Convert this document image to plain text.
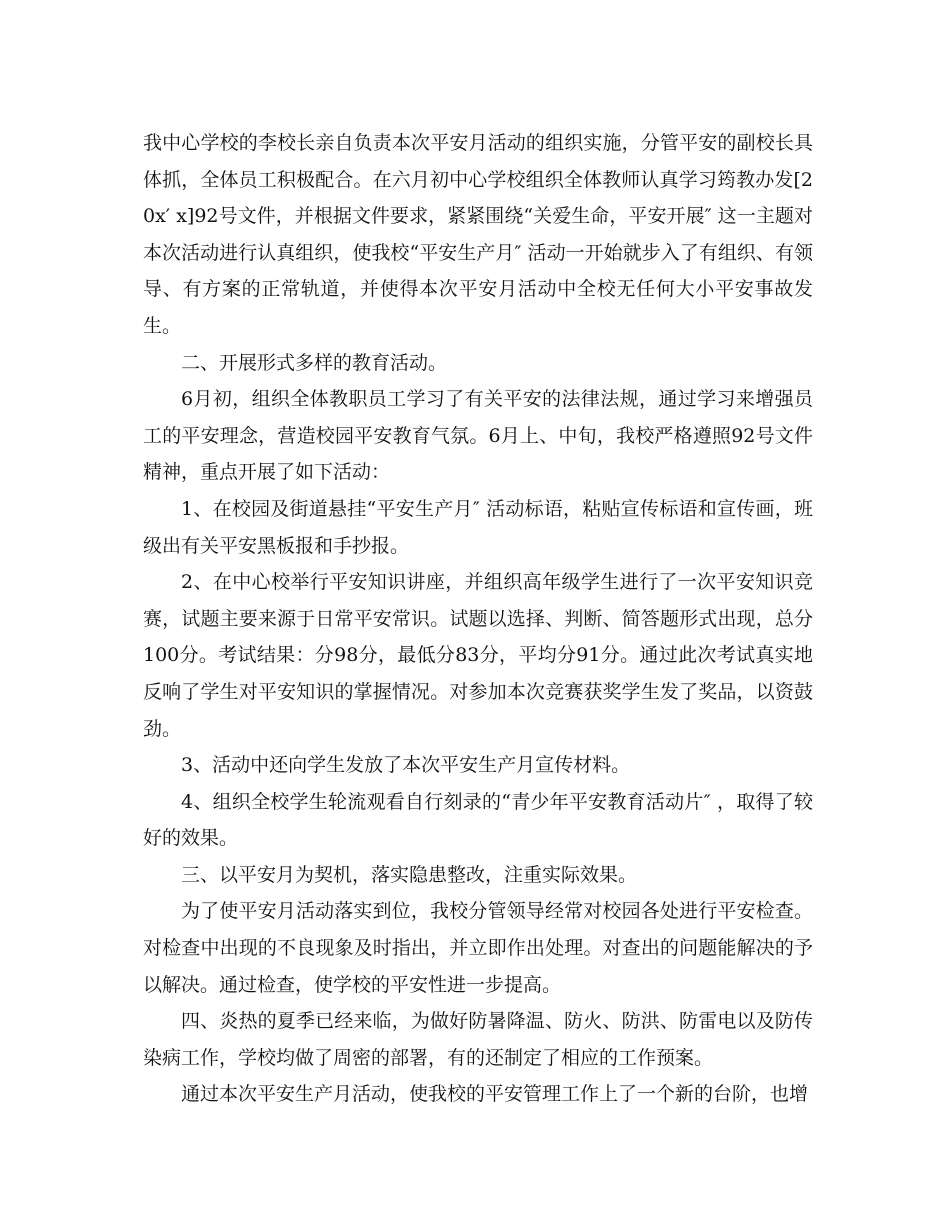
我中心学校的李校长亲自负责本次平安月活动的组织实施，分管平安的副校长具体抓，全体员工积极配合。在六月初中心学校组织全体教师认真学习筠教办发[20x′ x]92号文件，并根据文件要求，紧紧围绕“关爱生命，平安开展″ 这一主题对本次活动进行认真组织，使我校“平安生产月″ 活动一开始就步入了有组织、有领导、有方案的正常轨道，并使得本次平安月活动中全校无任何大小平安事故发生。

二、开展形式多样的教育活动。

6月初，组织全体教职员工学习了有关平安的法律法规，通过学习来增强员工的平安理念，营造校园平安教育气氛。6月上、中旬，我校严格遵照92号文件精神，重点开展了如下活动：

1、在校园及街道悬挂“平安生产月″ 活动标语，粘贴宣传标语和宣传画，班级出有关平安黑板报和手抄报。

2、在中心校举行平安知识讲座，并组织高年级学生进行了一次平安知识竞赛，试题主要来源于日常平安常识。试题以选择、判断、简答题形式出现，总分100分。考试结果：分98分，最低分83分，平均分91分。通过此次考试真实地反响了学生对平安知识的掌握情况。对参加本次竞赛获奖学生发了奖品，以资鼓劲。

3、活动中还向学生发放了本次平安生产月宣传材料。

4、组织全校学生轮流观看自行刻录的“青少年平安教育活动片″ ，取得了较好的效果。

三、以平安月为契机，落实隐患整改，注重实际效果。

为了使平安月活动落实到位，我校分管领导经常对校园各处进行平安检查。对检查中出现的不良现象及时指出，并立即作出处理。对查出的问题能解决的予以解决。通过检查，使学校的平安性进一步提高。

四、炎热的夏季已经来临，为做好防暑降温、防火、防洪、防雷电以及防传染病工作，学校均做了周密的部署，有的还制定了相应的工作预案。

通过本次平安生产月活动，使我校的平安管理工作上了一个新的台阶，也增
